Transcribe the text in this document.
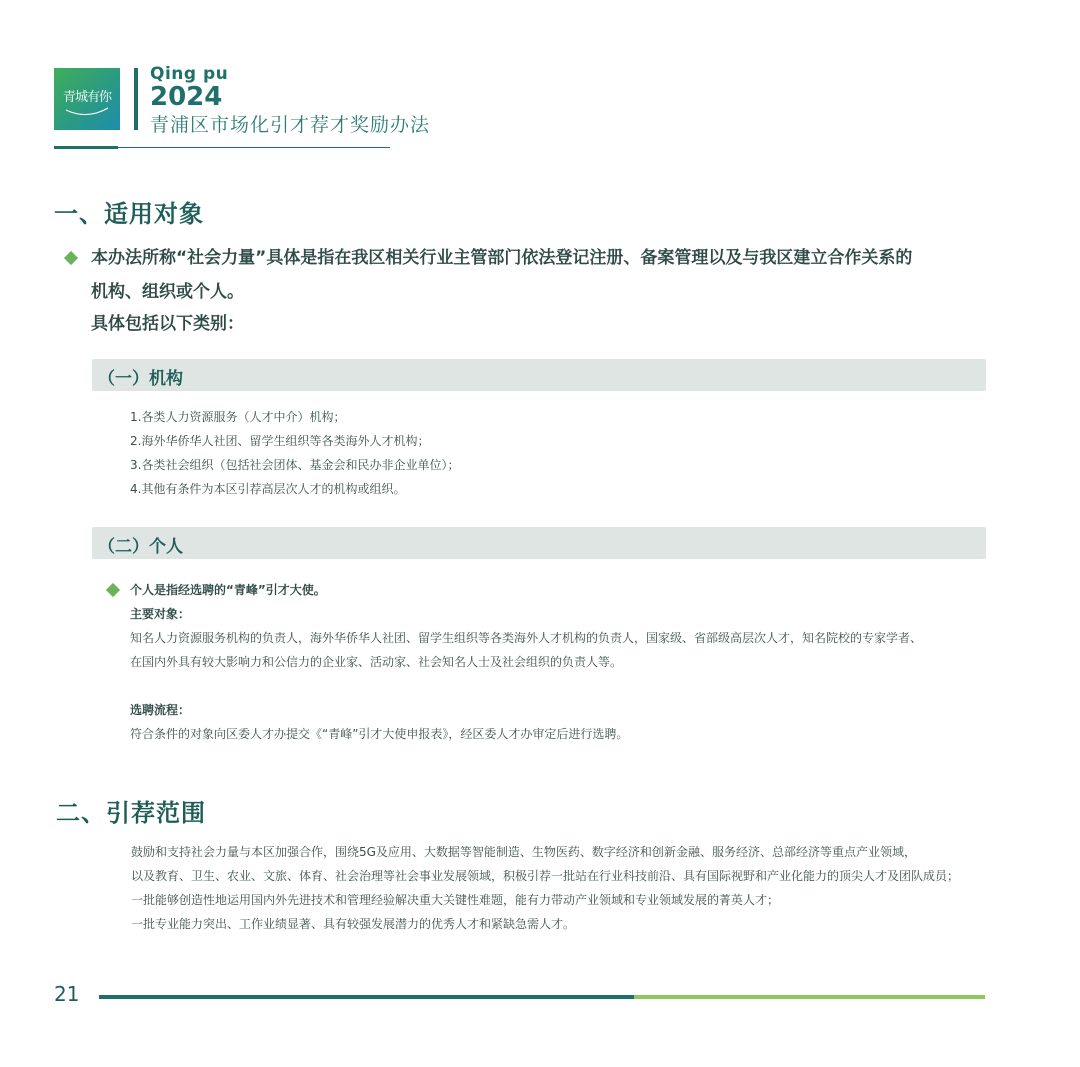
青城有你
Qing pu
2024
青浦区市场化引才荐才奖励办法
一、适用对象
本办法所称“社会力量”具体是指在我区相关行业主管部门依法登记注册、备案管理以及与我区建立合作关系的
机构、组织或个人。
具体包括以下类别：
（一）机构
1.各类人力资源服务（人才中介）机构；
2.海外华侨华人社团、留学生组织等各类海外人才机构；
3.各类社会组织（包括社会团体、基金会和民办非企业单位）；
4.其他有条件为本区引荐高层次人才的机构或组织。
（二）个人
个人是指经选聘的“青峰”引才大使。
主要对象：
知名人力资源服务机构的负责人，海外华侨华人社团、留学生组织等各类海外人才机构的负责人，国家级、省部级高层次人才，知名院校的专家学者、
在国内外具有较大影响力和公信力的企业家、活动家、社会知名人士及社会组织的负责人等。
选聘流程：
符合条件的对象向区委人才办提交《“青峰”引才大使申报表》，经区委人才办审定后进行选聘。
二、引荐范围
鼓励和支持社会力量与本区加强合作，围绕5G及应用、大数据等智能制造、生物医药、数字经济和创新金融、服务经济、总部经济等重点产业领域，
以及教育、卫生、农业、文旅、体育、社会治理等社会事业发展领域，积极引荐一批站在行业科技前沿、具有国际视野和产业化能力的顶尖人才及团队成员；
一批能够创造性地运用国内外先进技术和管理经验解决重大关键性难题，能有力带动产业领域和专业领域发展的菁英人才；
一批专业能力突出、工作业绩显著、具有较强发展潜力的优秀人才和紧缺急需人才。
21
